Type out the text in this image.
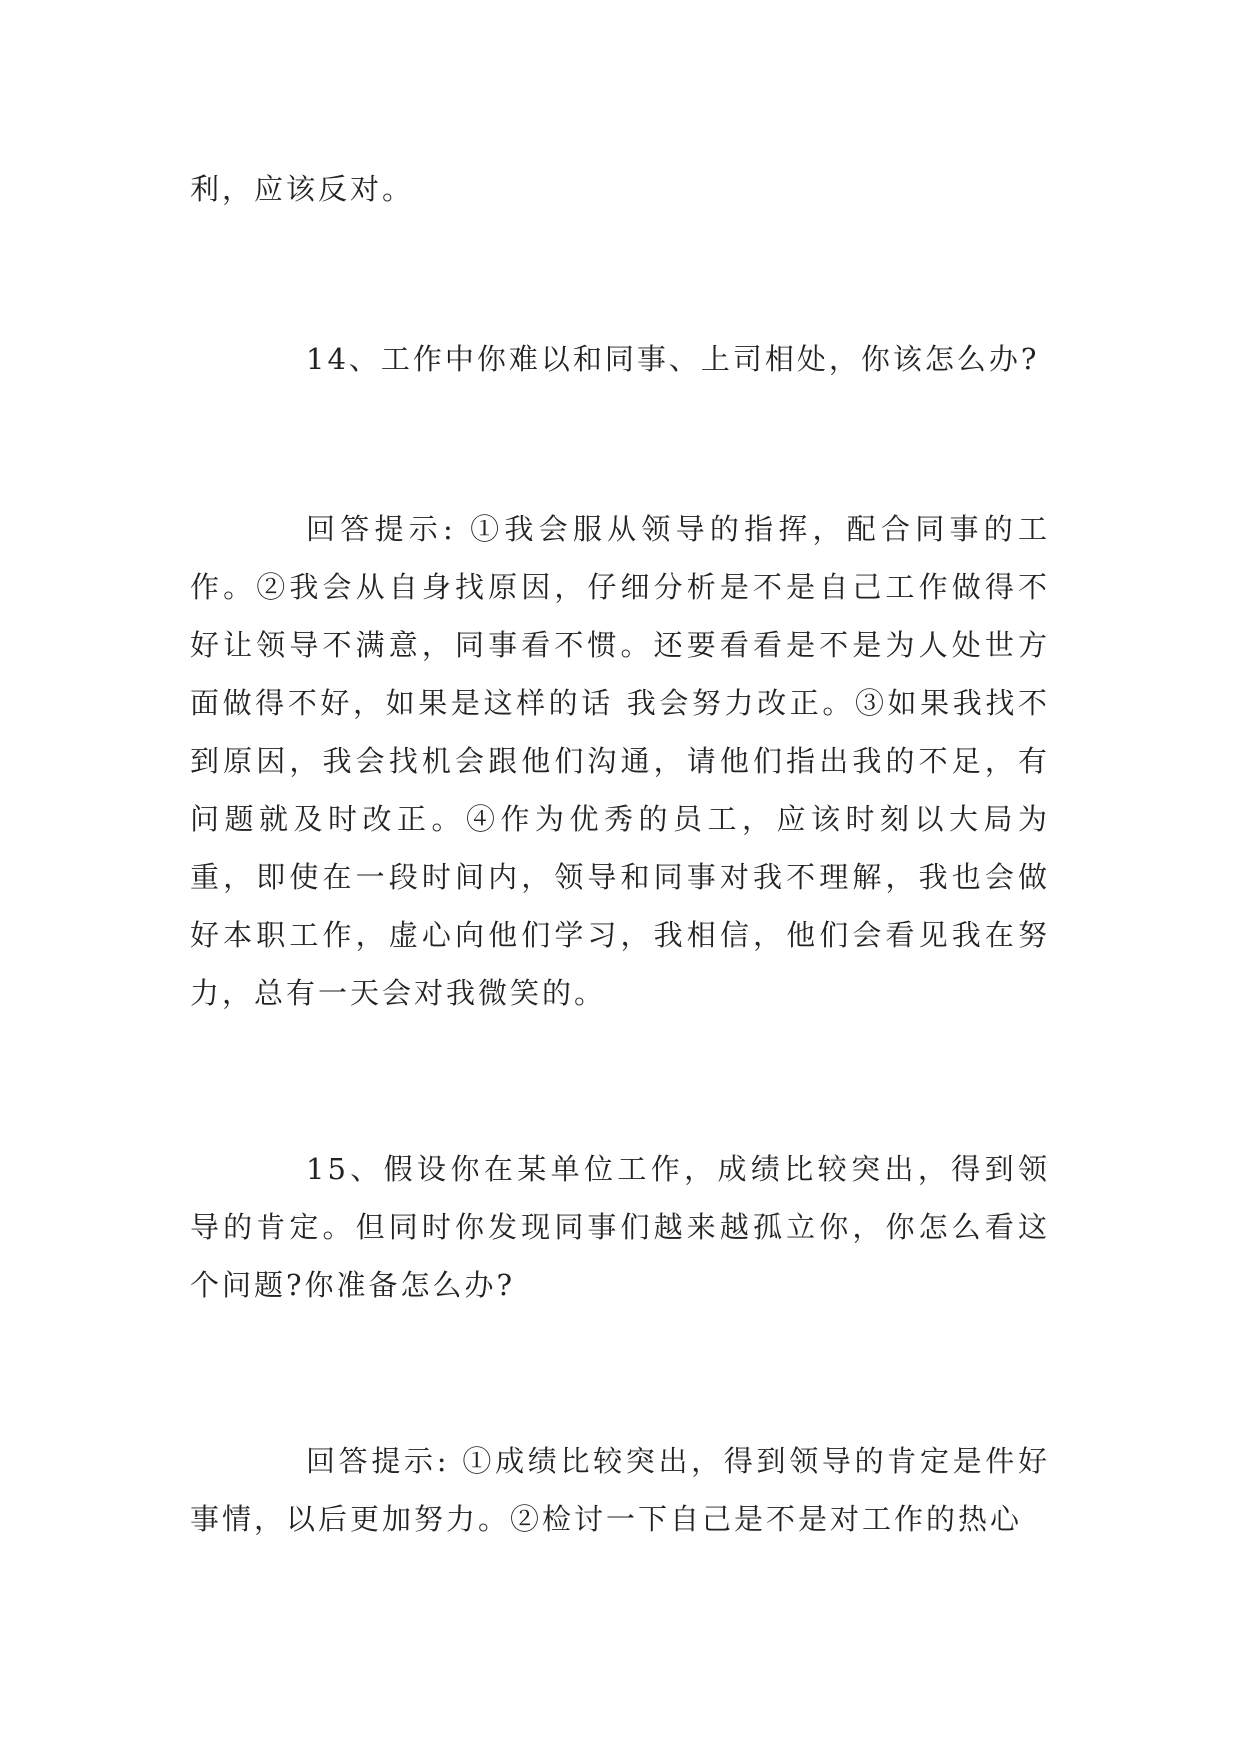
利，应该反对。

14、工作中你难以和同事、上司相处，你该怎么办?

回答提示: ①我会服从领导的指挥，配合同事的工作。②我会从自身找原因，仔细分析是不是自己工作做得不好让领导不满意，同事看不惯。还要看看是不是为人处世方面做得不好，如果是这样的话 我会努力改正。③如果我找不到原因，我会找机会跟他们沟通，请他们指出我的不足，有问题就及时改正。④作为优秀的员工，应该时刻以大局为重，即使在一段时间内，领导和同事对我不理解，我也会做好本职工作，虚心向他们学习，我相信，他们会看见我在努力，总有一天会对我微笑的。

15、假设你在某单位工作，成绩比较突出，得到领导的肯定。但同时你发现同事们越来越孤立你，你怎么看这个问题?你准备怎么办?

回答提示: ①成绩比较突出，得到领导的肯定是件好事情，以后更加努力。②检讨一下自己是不是对工作的热心
